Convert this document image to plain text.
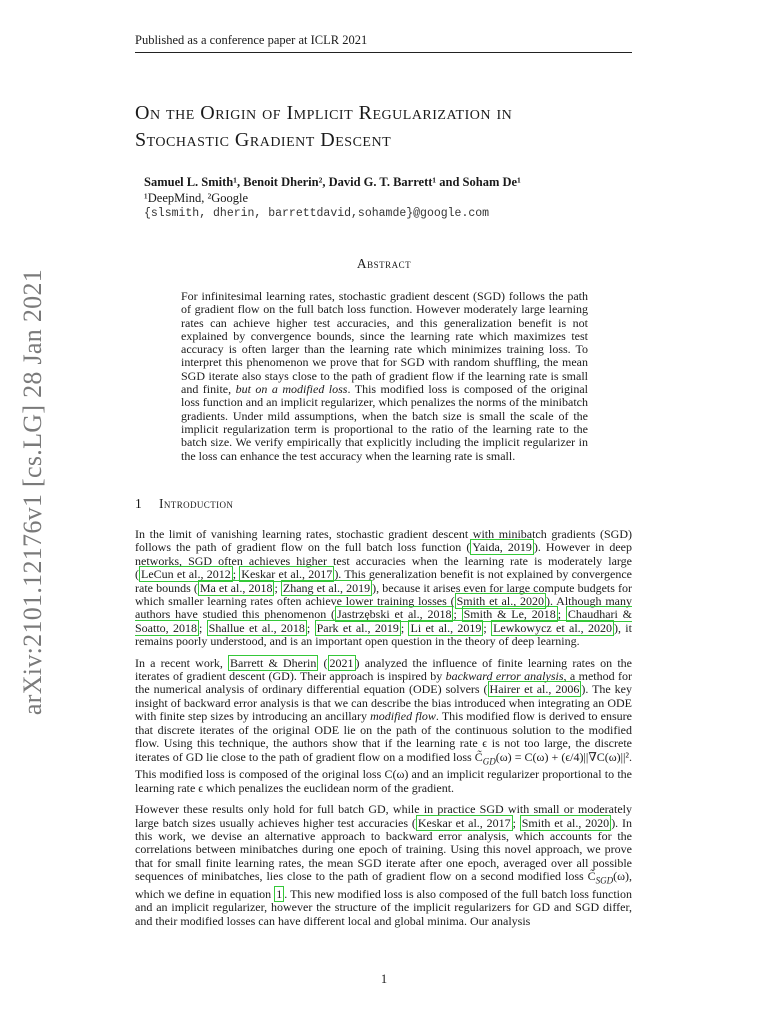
Published as a conference paper at ICLR 2021
On the Origin of Implicit Regularization in
Stochastic Gradient Descent
Samuel L. Smith¹, Benoit Dherin², David G. T. Barrett¹ and Soham De¹
¹DeepMind, ²Google
{slsmith, dherin, barrettdavid,sohamde}@google.com
Abstract

For infinitesimal learning rates, stochastic gradient descent (SGD) follows the path of gradient flow on the full batch loss function. However moderately large learning rates can achieve higher test accuracies, and this generalization benefit is not explained by convergence bounds, since the learning rate which maximizes test accuracy is often larger than the learning rate which minimizes training loss. To interpret this phenomenon we prove that for SGD with random shuffling, the mean SGD iterate also stays close to the path of gradient flow if the learning rate is small and finite, but on a modified loss. This modified loss is composed of the original loss function and an implicit regularizer, which penalizes the norms of the minibatch gradients. Under mild assumptions, when the batch size is small the scale of the implicit regularization term is proportional to the ratio of the learning rate to the batch size. We verify empirically that explicitly including the implicit regularizer in the loss can enhance the test accuracy when the learning rate is small.

arXiv:2101.12176v1 [cs.LG] 28 Jan 2021	1 Introduction

In the limit of vanishing learning rates, stochastic gradient descent with minibatch gradients (SGD) follows the path of gradient flow on the full batch loss function ( Yaida, 2019 ). However in deep networks, SGD often achieves higher test accuracies when the learning rate is moderately large ( LeCun et al., 2012 ; Keskar et al., 2017 ). This generalization benefit is not explained by convergence rate bounds ( Ma et al., 2018 ; Zhang et al., 2019 ), because it arises even for large compute budgets for which smaller learning rates often achieve lower training losses ( Smith et al., 2020 ). Although many authors have studied this phenomenon ( Jastrzębski et al., 2018 ; Smith & Le, 2018 ; Chaudhari & Soatto, 2018 ; Shallue et al., 2018 ; Park et al., 2019 ; Li et al., 2019 ; Lewkowycz et al., 2020 ), it remains poorly understood, and is an important open question in the theory of deep learning.

In a recent work, Barrett & Dherin ( 2021 ) analyzed the influence of finite learning rates on the iterates of gradient descent (GD). Their approach is inspired by backward error analysis, a method for the numerical analysis of ordinary differential equation (ODE) solvers ( Hairer et al., 2006 ). The key insight of backward error analysis is that we can describe the bias introduced when integrating an ODE with finite step sizes by introducing an ancillary modified flow. This modified flow is derived to ensure that discrete iterates of the original ODE lie on the path of the continuous solution to the modified flow. Using this technique, the authors show that if the learning rate ϵ is not too large, the discrete iterates of GD lie close to the path of gradient flow on a modified loss $C̃_{GD}(\omega) = C(\omega) + (\epsilon/4)||\nabla C(\omega)||^2$. This modified loss is composed of the original loss C(ω) and an implicit regularizer proportional to the learning rate ϵ which penalizes the euclidean norm of the gradient.

However these results only hold for full batch GD, while in practice SGD with small or moderately large batch sizes usually achieves higher test accuracies ( Keskar et al., 2017 ; Smith et al., 2020 ). In this work, we devise an alternative approach to backward error analysis, which accounts for the correlations between minibatches during one epoch of training. Using this novel approach, we prove that for small finite learning rates, the mean SGD iterate after one epoch, averaged over all possible sequences of minibatches, lies close to the path of gradient flow on a second modified loss $C̃_{SGD}(\omega)$, which we define in equation 1 . This new modified loss is also composed of the full batch loss function and an implicit regularizer, however the structure of the implicit regularizers for GD and SGD differ, and their modified losses can have different local and global minima. Our analysis

1
